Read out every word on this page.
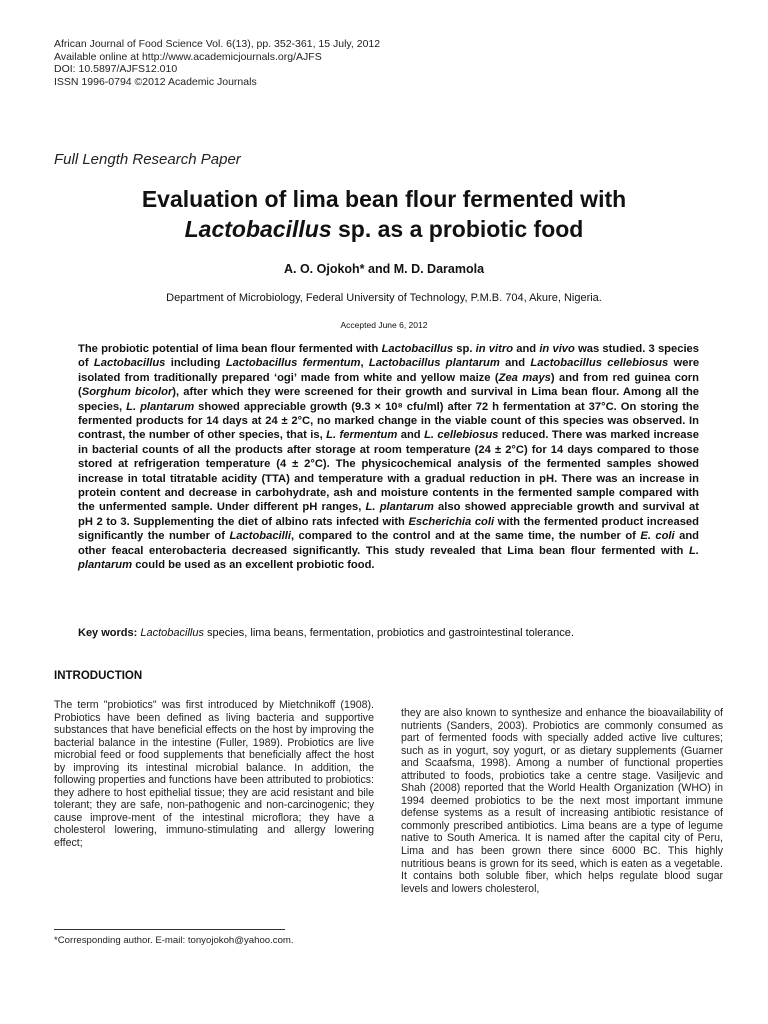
African Journal of Food Science Vol. 6(13), pp. 352-361, 15 July, 2012
Available online at http://www.academicjournals.org/AJFS
DOI: 10.5897/AJFS12.010
ISSN 1996-0794 ©2012 Academic Journals
Full Length Research Paper
Evaluation of lima bean flour fermented with
Lactobacillus sp. as a probiotic food
A. O. Ojokoh* and M. D. Daramola
Department of Microbiology, Federal University of Technology, P.M.B. 704, Akure, Nigeria.
Accepted June 6, 2012
The probiotic potential of lima bean flour fermented with Lactobacillus sp. in vitro and in vivo was studied. 3 species of Lactobacillus including Lactobacillus fermentum, Lactobacillus plantarum and Lactobacillus cellebiosus were isolated from traditionally prepared ‘ogi’ made from white and yellow maize (Zea mays) and from red guinea corn (Sorghum bicolor), after which they were screened for their growth and survival in Lima bean flour. Among all the species, L. plantarum showed appreciable growth (9.3 × 10⁸ cfu/ml) after 72 h fermentation at 37°C. On storing the fermented products for 14 days at 24 ± 2°C, no marked change in the viable count of this species was observed. In contrast, the number of other species, that is, L. fermentum and L. cellebiosus reduced. There was marked increase in bacterial counts of all the products after storage at room temperature (24 ± 2°C) for 14 days compared to those stored at refrigeration temperature (4 ± 2°C). The physicochemical analysis of the fermented samples showed increase in total titratable acidity (TTA) and temperature with a gradual reduction in pH. There was an increase in protein content and decrease in carbohydrate, ash and moisture contents in the fermented sample compared with the unfermented sample. Under different pH ranges, L. plantarum also showed appreciable growth and survival at pH 2 to 3. Supplementing the diet of albino rats infected with Escherichia coli with the fermented product increased significantly the number of Lactobacilli, compared to the control and at the same time, the number of E. coli and other feacal enterobacteria decreased significantly. This study revealed that Lima bean flour fermented with L. plantarum could be used as an excellent probiotic food.
Key words: Lactobacillus species, lima beans, fermentation, probiotics and gastrointestinal tolerance.
INTRODUCTION
The term "probiotics" was first introduced by Mietchnikoff (1908). Probiotics have been defined as living bacteria and supportive substances that have beneficial effects on the host by improving the bacterial balance in the intestine (Fuller, 1989). Probiotics are live microbial feed or food supplements that beneficially affect the host by improving its intestinal microbial balance. In addition, the following properties and functions have been attributed to probiotics: they adhere to host epithelial tissue; they are acid resistant and bile tolerant; they are safe, non-pathogenic and non-carcinogenic; they cause improve-ment of the intestinal microflora; they have a cholesterol lowering, immuno-stimulating and allergy lowering effect;
they are also known to synthesize and enhance the bioavailability of nutrients (Sanders, 2003). Probiotics are commonly consumed as part of fermented foods with specially added active live cultures; such as in yogurt, soy yogurt, or as dietary supplements (Guarner and Scaafsma, 1998). Among a number of functional properties attributed to foods, probiotics take a centre stage. Vasiljevic and Shah (2008) reported that the World Health Organization (WHO) in 1994 deemed probiotics to be the next most important immune defense systems as a result of increasing antibiotic resistance of commonly prescribed antibiotics. Lima beans are a type of legume native to South America. It is named after the capital city of Peru, Lima and has been grown there since 6000 BC. This highly nutritious beans is grown for its seed, which is eaten as a vegetable. It contains both soluble fiber, which helps regulate blood sugar levels and lowers cholesterol,
*Corresponding author. E-mail: tonyojokoh@yahoo.com.
